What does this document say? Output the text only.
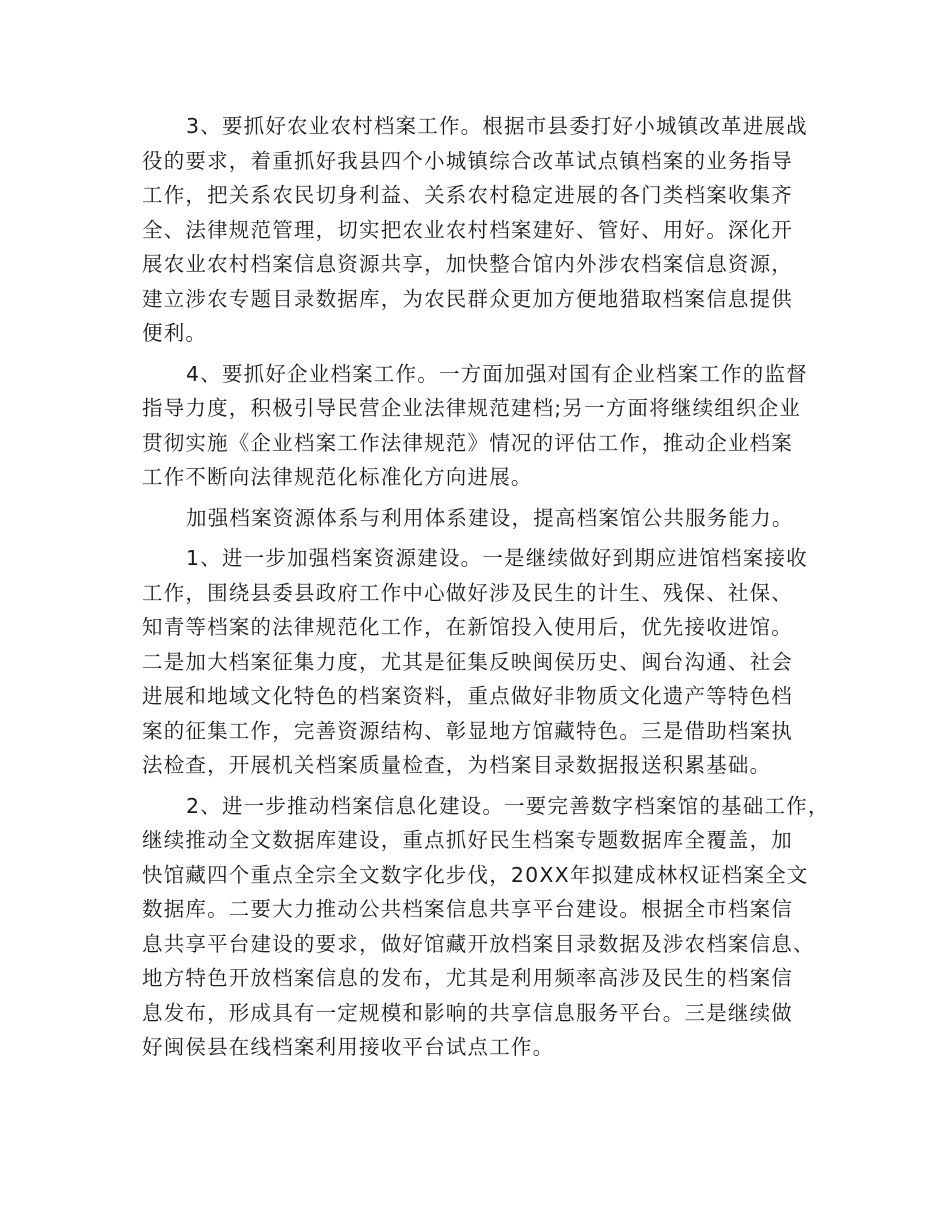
3、要抓好农业农村档案工作。根据市县委打好小城镇改革进展战
役的要求，着重抓好我县四个小城镇综合改革试点镇档案的业务指导
工作，把关系农民切身利益、关系农村稳定进展的各门类档案收集齐
全、法律规范管理，切实把农业农村档案建好、管好、用好。深化开
展农业农村档案信息资源共享，加快整合馆内外涉农档案信息资源，
建立涉农专题目录数据库，为农民群众更加方便地猎取档案信息提供
便利。

4、要抓好企业档案工作。一方面加强对国有企业档案工作的监督
指导力度，积极引导民营企业法律规范建档;另一方面将继续组织企业
贯彻实施《企业档案工作法律规范》情况的评估工作，推动企业档案
工作不断向法律规范化标准化方向进展。

加强档案资源体系与利用体系建设，提高档案馆公共服务能力。

1、进一步加强档案资源建设。一是继续做好到期应进馆档案接收
工作，围绕县委县政府工作中心做好涉及民生的计生、残保、社保、
知青等档案的法律规范化工作，在新馆投入使用后，优先接收进馆。
二是加大档案征集力度，尤其是征集反映闽侯历史、闽台沟通、社会
进展和地域文化特色的档案资料，重点做好非物质文化遗产等特色档
案的征集工作，完善资源结构、彰显地方馆藏特色。三是借助档案执
法检查，开展机关档案质量检查，为档案目录数据报送积累基础。

2、进一步推动档案信息化建设。一要完善数字档案馆的基础工作，
继续推动全文数据库建设，重点抓好民生档案专题数据库全覆盖，加
快馆藏四个重点全宗全文数字化步伐，20XX年拟建成林权证档案全文
数据库。二要大力推动公共档案信息共享平台建设。根据全市档案信
息共享平台建设的要求，做好馆藏开放档案目录数据及涉农档案信息、
地方特色开放档案信息的发布，尤其是利用频率高涉及民生的档案信
息发布，形成具有一定规模和影响的共享信息服务平台。三是继续做
好闽侯县在线档案利用接收平台试点工作。
